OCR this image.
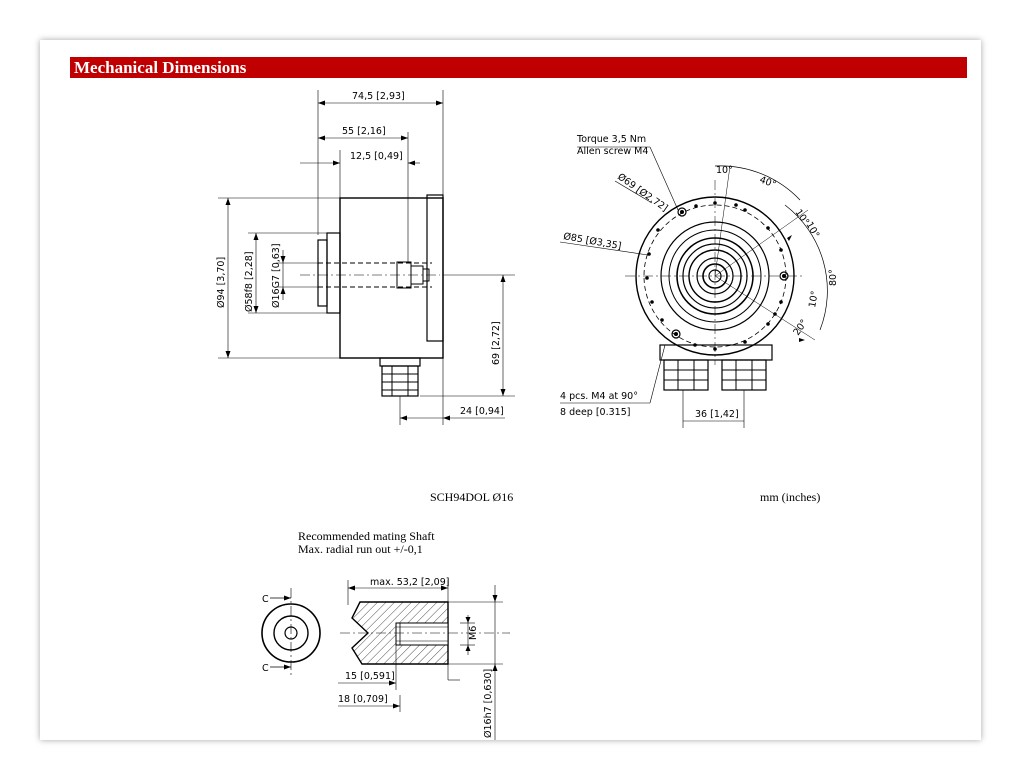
Mechanical Dimensions
74,5 [2,93]
55 [2,16]
12,5 [0,49]
Ø94 [3,70] Ø58f8 [2,28] Ø16G7 [0,63]
69 [2,72]
24 [0,94]
Torque 3,5 Nm
Allen screw M4
Ø69 [Ø2,72]
Ø85 [Ø3,35]
10°
40°
10°
10°
80°
10°
20°
4 pcs. M4 at 90°
8 deep [0.315]	36 [1,42]
SCH94DOL Ø16	mm (inches)
Recommended mating Shaft
Max. radial run out +/-0,1
C
C
max. 53,2 [2,09]
M6
15 [0,591]
18 [0,709]	Ø16h7 [0,630]
